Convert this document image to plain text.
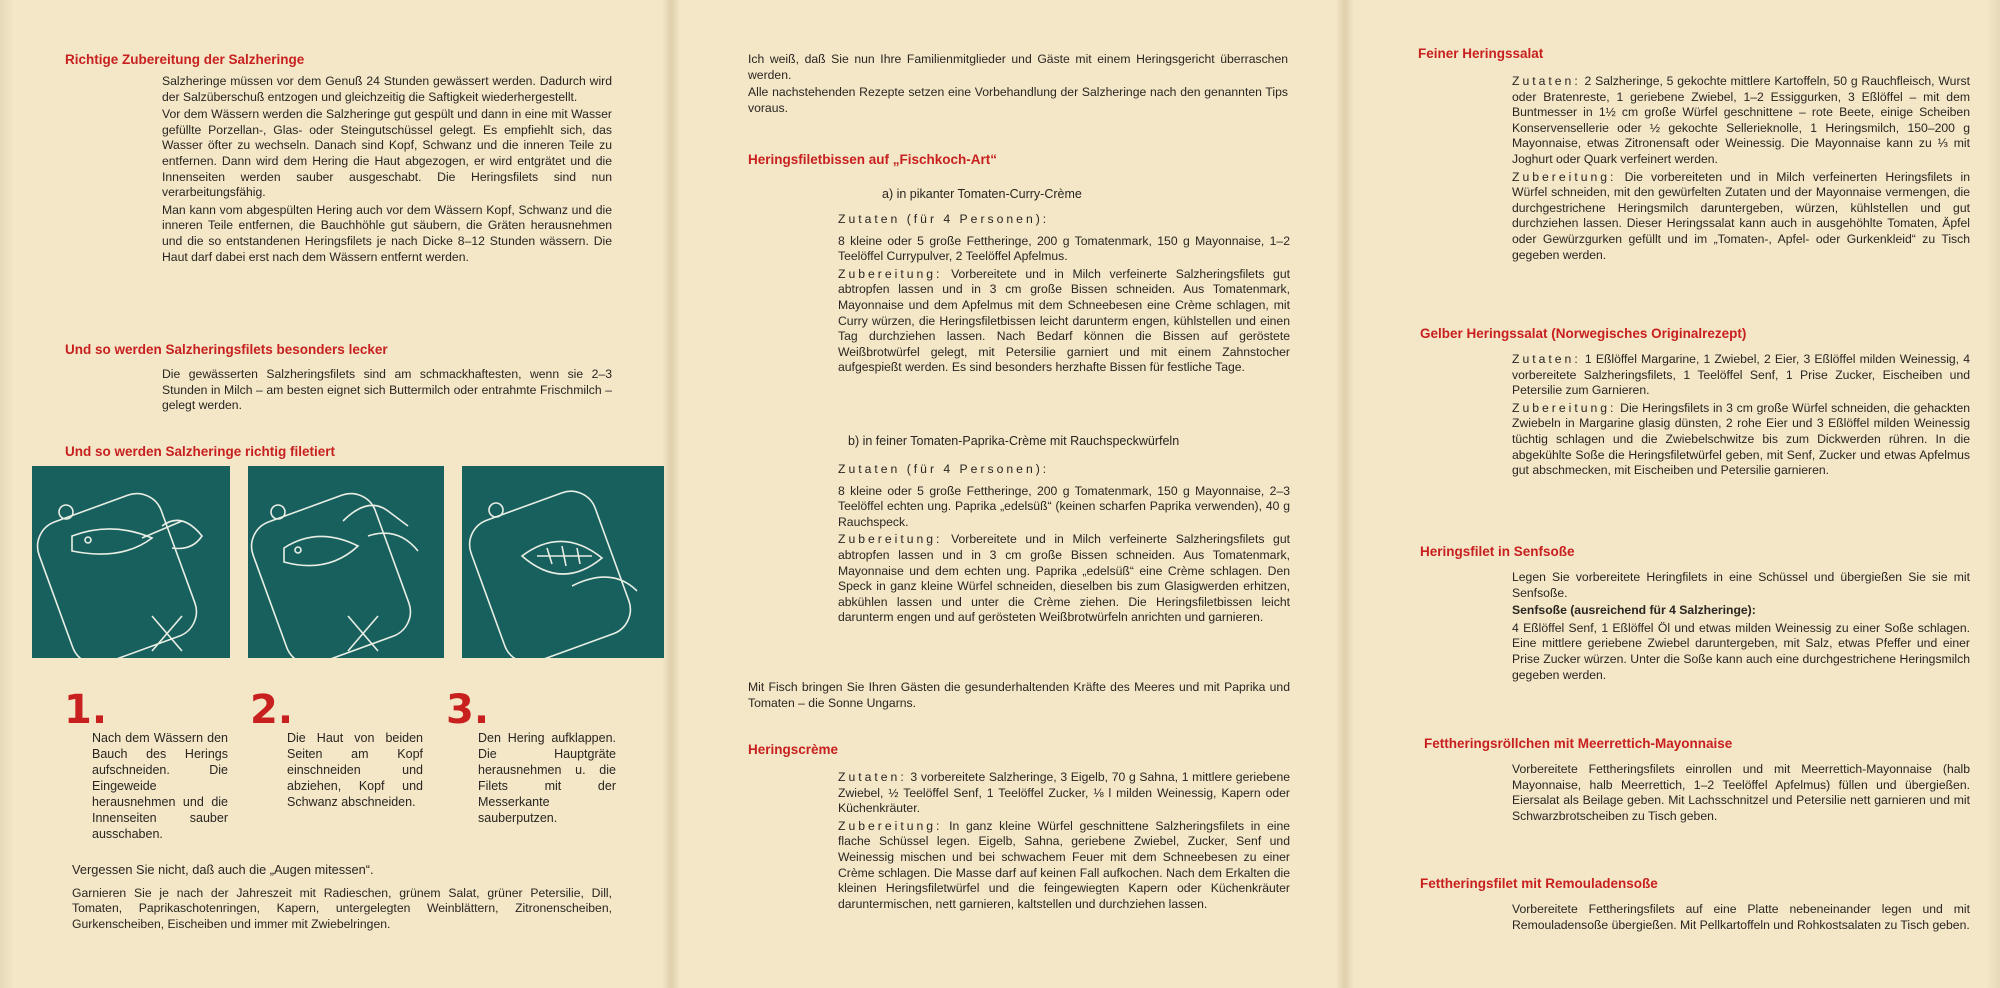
Richtige Zubereitung der Salzheringe

Salzheringe müssen vor dem Genuß 24 Stunden gewässert werden. Dadurch wird der Salzüberschuß entzogen und gleichzeitig die Saftigkeit wiederhergestellt.

Vor dem Wässern werden die Salzheringe gut gespült und dann in eine mit Wasser gefüllte Porzellan-, Glas- oder Steingutschüssel gelegt. Es empfiehlt sich, das Wasser öfter zu wechseln. Danach sind Kopf, Schwanz und die inneren Teile zu entfernen. Dann wird dem Hering die Haut abgezogen, er wird entgrätet und die Innenseiten werden sauber ausgeschabt. Die Heringsfilets sind nun verarbeitungsfähig.

Man kann vom abgespülten Hering auch vor dem Wässern Kopf, Schwanz und die inneren Teile entfernen, die Bauchhöhle gut säubern, die Gräten herausnehmen und die so entstandenen Heringsfilets je nach Dicke 8–12 Stunden wässern. Die Haut darf dabei erst nach dem Wässern entfernt werden.

Und so werden Salzheringsfilets besonders lecker

Die gewässerten Salzheringsfilets sind am schmackhaftesten, wenn sie 2–3 Stunden in Milch – am besten eignet sich Buttermilch oder entrahmte Frischmilch – gelegt werden.

Und so werden Salzheringe richtig filetiert
1.	2.	3.
Nach dem Wässern den Bauch des Herings aufschneiden. Die Eingeweide herausnehmen und die Innenseiten sauber ausschaben.
Die Haut von beiden Seiten am Kopf einschneiden und abziehen, Kopf und Schwanz abschneiden.
Den Hering aufklappen. Die Hauptgräte herausnehmen u. die Filets mit der Messerkante sauberputzen.

Vergessen Sie nicht, daß auch die „Augen mitessen“.

Garnieren Sie je nach der Jahreszeit mit Radieschen, grünem Salat, grüner Petersilie, Dill, Tomaten, Paprikaschotenringen, Kapern, untergelegten Weinblättern, Zitronenscheiben, Gurkenscheiben, Eischeiben und immer mit Zwiebelringen.

Ich weiß, daß Sie nun Ihre Familienmitglieder und Gäste mit einem Heringsgericht überraschen werden.

Alle nachstehenden Rezepte setzen eine Vorbehandlung der Salzheringe nach den genannten Tips voraus.

Heringsfiletbissen auf „Fischkoch-Art“

a) in pikanter Tomaten-Curry-Crème

Zutaten (für 4 Personen):

8 kleine oder 5 große Fettheringe, 200 g Tomatenmark, 150 g Mayonnaise, 1–2 Teelöffel Currypulver, 2 Teelöffel Apfelmus.

Zubereitung: Vorbereitete und in Milch verfeinerte Salzheringsfilets gut abtropfen lassen und in 3 cm große Bissen schneiden. Aus Tomatenmark, Mayonnaise und dem Apfelmus mit dem Schneebesen eine Crème schlagen, mit Curry würzen, die Heringsfiletbissen leicht darunterm engen, kühlstellen und einen Tag durchziehen lassen. Nach Bedarf können die Bissen auf geröstete Weißbrotwürfel gelegt, mit Petersilie garniert und mit einem Zahnstocher aufgespießt werden. Es sind besonders herzhafte Bissen für festliche Tage.

b) in feiner Tomaten-Paprika-Crème mit Rauchspeckwürfeln

Zutaten (für 4 Personen):

8 kleine oder 5 große Fettheringe, 200 g Tomatenmark, 150 g Mayonnaise, 2–3 Teelöffel echten ung. Paprika „edelsüß“ (keinen scharfen Paprika verwenden), 40 g Rauchspeck.

Zubereitung: Vorbereitete und in Milch verfeinerte Salzheringsfilets gut abtropfen lassen und in 3 cm große Bissen schneiden. Aus Tomatenmark, Mayonnaise und dem echten ung. Paprika „edelsüß“ eine Crème schlagen. Den Speck in ganz kleine Würfel schneiden, dieselben bis zum Glasigwerden erhitzen, abkühlen lassen und unter die Crème ziehen. Die Heringsfiletbissen leicht darunterm engen und auf gerösteten Weißbrotwürfeln anrichten und garnieren.

Mit Fisch bringen Sie Ihren Gästen die gesunderhaltenden Kräfte des Meeres und mit Paprika und Tomaten – die Sonne Ungarns.

Heringscrème

Zutaten: 3 vorbereitete Salzheringe, 3 Eigelb, 70 g Sahna, 1 mittlere geriebene Zwiebel, ½ Teelöffel Senf, 1 Teelöffel Zucker, ⅛ l milden Weinessig, Kapern oder Küchenkräuter.

Zubereitung: In ganz kleine Würfel geschnittene Salzheringsfilets in eine flache Schüssel legen. Eigelb, Sahna, geriebene Zwiebel, Zucker, Senf und Weinessig mischen und bei schwachem Feuer mit dem Schneebesen zu einer Crème schlagen. Die Masse darf auf keinen Fall aufkochen. Nach dem Erkalten die kleinen Heringsfiletwürfel und die feingewiegten Kapern oder Küchenkräuter daruntermischen, nett garnieren, kaltstellen und durchziehen lassen.

Feiner Heringssalat

Zutaten: 2 Salzheringe, 5 gekochte mittlere Kartoffeln, 50 g Rauchfleisch, Wurst oder Bratenreste, 1 geriebene Zwiebel, 1–2 Essiggurken, 3 Eßlöffel – mit dem Buntmesser in 1½ cm große Würfel geschnittene – rote Beete, einige Scheiben Konservensellerie oder ½ gekochte Sellerieknolle, 1 Heringsmilch, 150–200 g Mayonnaise, etwas Zitronensaft oder Weinessig. Die Mayonnaise kann zu ⅓ mit Joghurt oder Quark verfeinert werden.

Zubereitung: Die vorbereiteten und in Milch verfeinerten Heringsfilets in Würfel schneiden, mit den gewürfelten Zutaten und der Mayonnaise vermengen, die durchgestrichene Heringsmilch daruntergeben, würzen, kühlstellen und gut durchziehen lassen. Dieser Heringssalat kann auch in ausgehöhlte Tomaten, Äpfel oder Gewürzgurken gefüllt und im „Tomaten-, Apfel- oder Gurkenkleid“ zu Tisch gegeben werden.

Gelber Heringssalat (Norwegisches Originalrezept)

Zutaten: 1 Eßlöffel Margarine, 1 Zwiebel, 2 Eier, 3 Eßlöffel milden Weinessig, 4 vorbereitete Salzheringsfilets, 1 Teelöffel Senf, 1 Prise Zucker, Eischeiben und Petersilie zum Garnieren.

Zubereitung: Die Heringsfilets in 3 cm große Würfel schneiden, die gehackten Zwiebeln in Margarine glasig dünsten, 2 rohe Eier und 3 Eßlöffel milden Weinessig tüchtig schlagen und die Zwiebelschwitze bis zum Dickwerden rühren. In die abgekühlte Soße die Heringsfiletwürfel geben, mit Senf, Zucker und etwas Apfelmus gut abschmecken, mit Eischeiben und Petersilie garnieren.

Heringsfilet in Senfsoße

Legen Sie vorbereitete Heringfilets in eine Schüssel und übergießen Sie sie mit Senfsoße.

Senfsoße (ausreichend für 4 Salzheringe):

4 Eßlöffel Senf, 1 Eßlöffel Öl und etwas milden Weinessig zu einer Soße schlagen. Eine mittlere geriebene Zwiebel daruntergeben, mit Salz, etwas Pfeffer und einer Prise Zucker würzen. Unter die Soße kann auch eine durchgestrichene Heringsmilch gegeben werden.

Fettheringsröllchen mit Meerrettich-Mayonnaise

Vorbereitete Fettheringsfilets einrollen und mit Meerrettich-Mayonnaise (halb Mayonnaise, halb Meerrettich, 1–2 Teelöffel Apfelmus) füllen und übergießen. Eiersalat als Beilage geben. Mit Lachsschnitzel und Petersilie nett garnieren und mit Schwarzbrotscheiben zu Tisch geben.

Fettheringsfilet mit Remouladensoße

Vorbereitete Fettheringsfilets auf eine Platte nebeneinander legen und mit Remouladensoße übergießen. Mit Pellkartoffeln und Rohkostsalaten zu Tisch geben.
